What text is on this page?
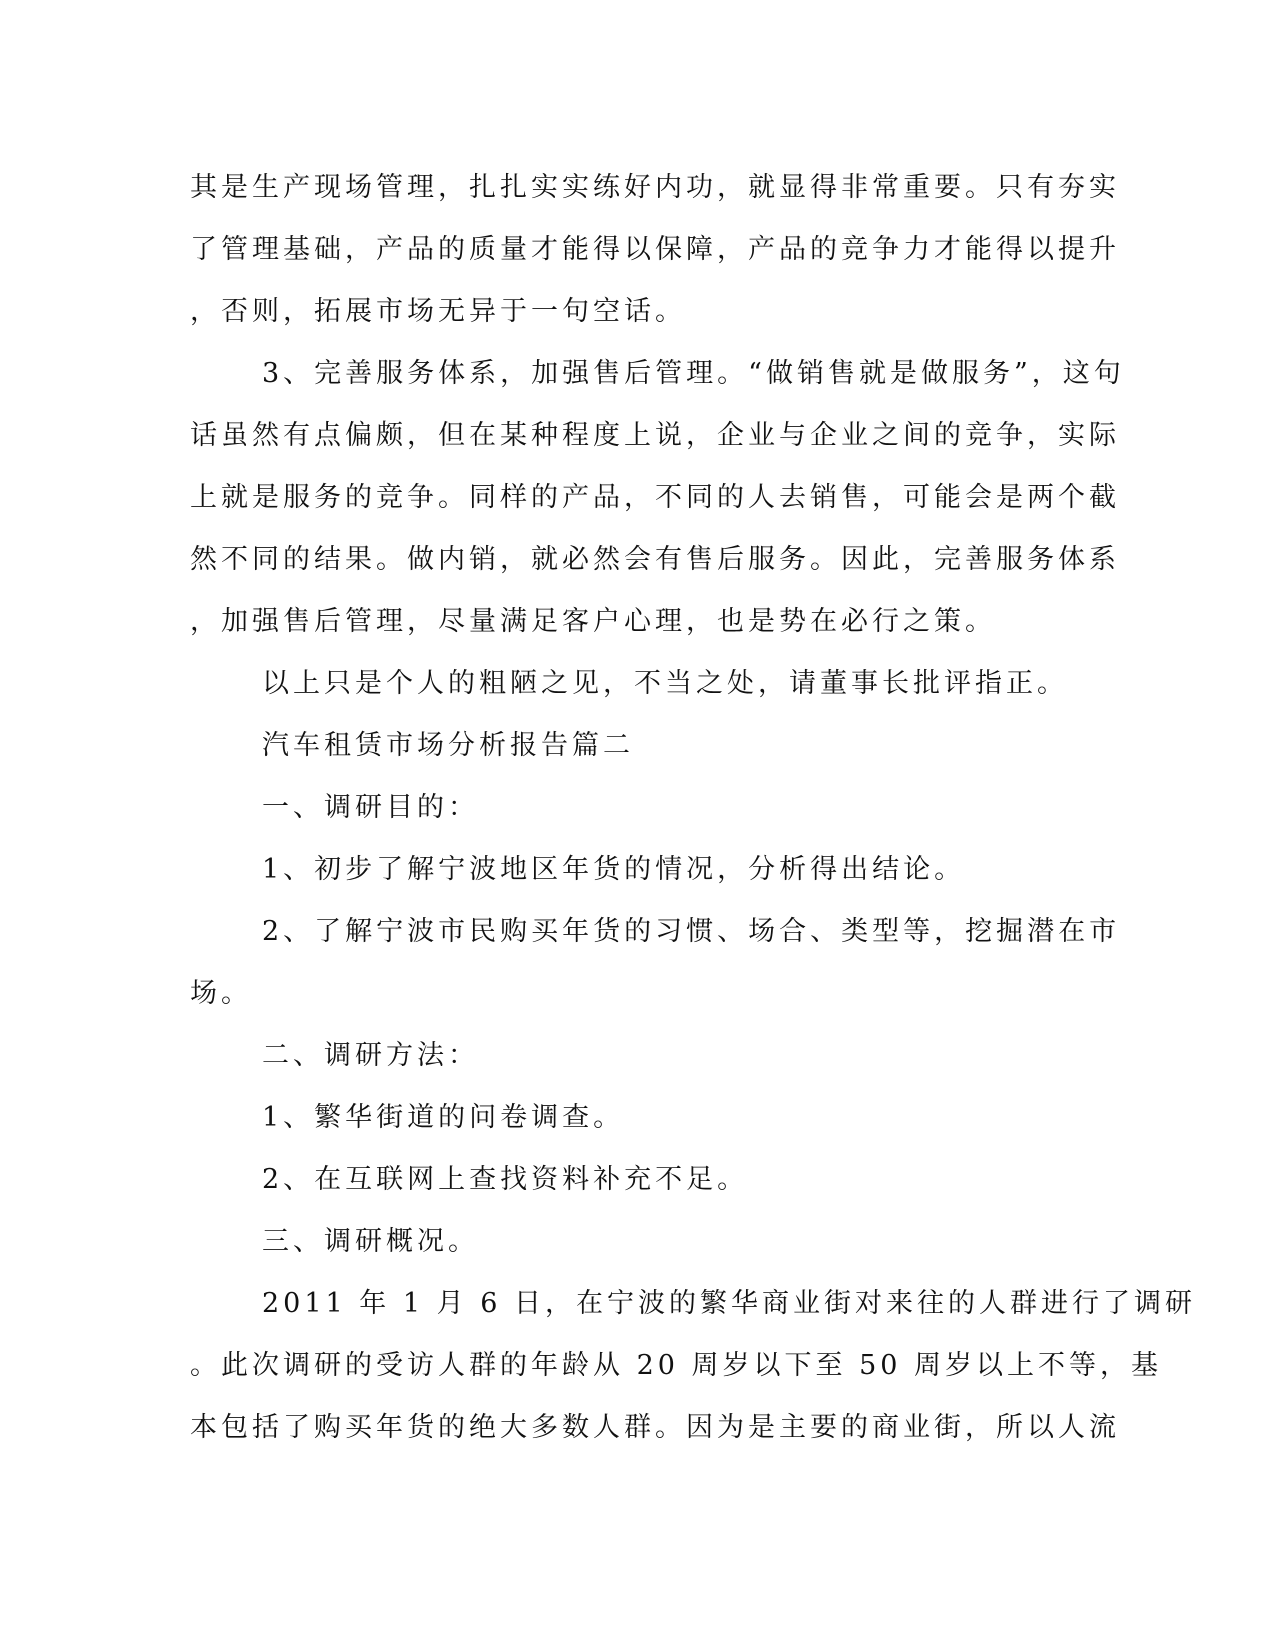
其是生产现场管理，扎扎实实练好内功，就显得非常重要。只有夯实
了管理基础，产品的质量才能得以保障，产品的竞争力才能得以提升
，否则，拓展市场无异于一句空话。
3、完善服务体系，加强售后管理。“做销售就是做服务”，这句
话虽然有点偏颇，但在某种程度上说，企业与企业之间的竞争，实际
上就是服务的竞争。同样的产品，不同的人去销售，可能会是两个截
然不同的结果。做内销，就必然会有售后服务。因此，完善服务体系
，加强售后管理，尽量满足客户心理，也是势在必行之策。
以上只是个人的粗陋之见，不当之处，请董事长批评指正。
汽车租赁市场分析报告篇二
一、调研目的：
1、初步了解宁波地区年货的情况，分析得出结论。
2、了解宁波市民购买年货的习惯、场合、类型等，挖掘潜在市
场。
二、调研方法：
1、繁华街道的问卷调查。
2、在互联网上查找资料补充不足。
三、调研概况。
2011 年 1 月 6 日，在宁波的繁华商业街对来往的人群进行了调研
。此次调研的受访人群的年龄从 20 周岁以下至 50 周岁以上不等，基
本包括了购买年货的绝大多数人群。因为是主要的商业街，所以人流
